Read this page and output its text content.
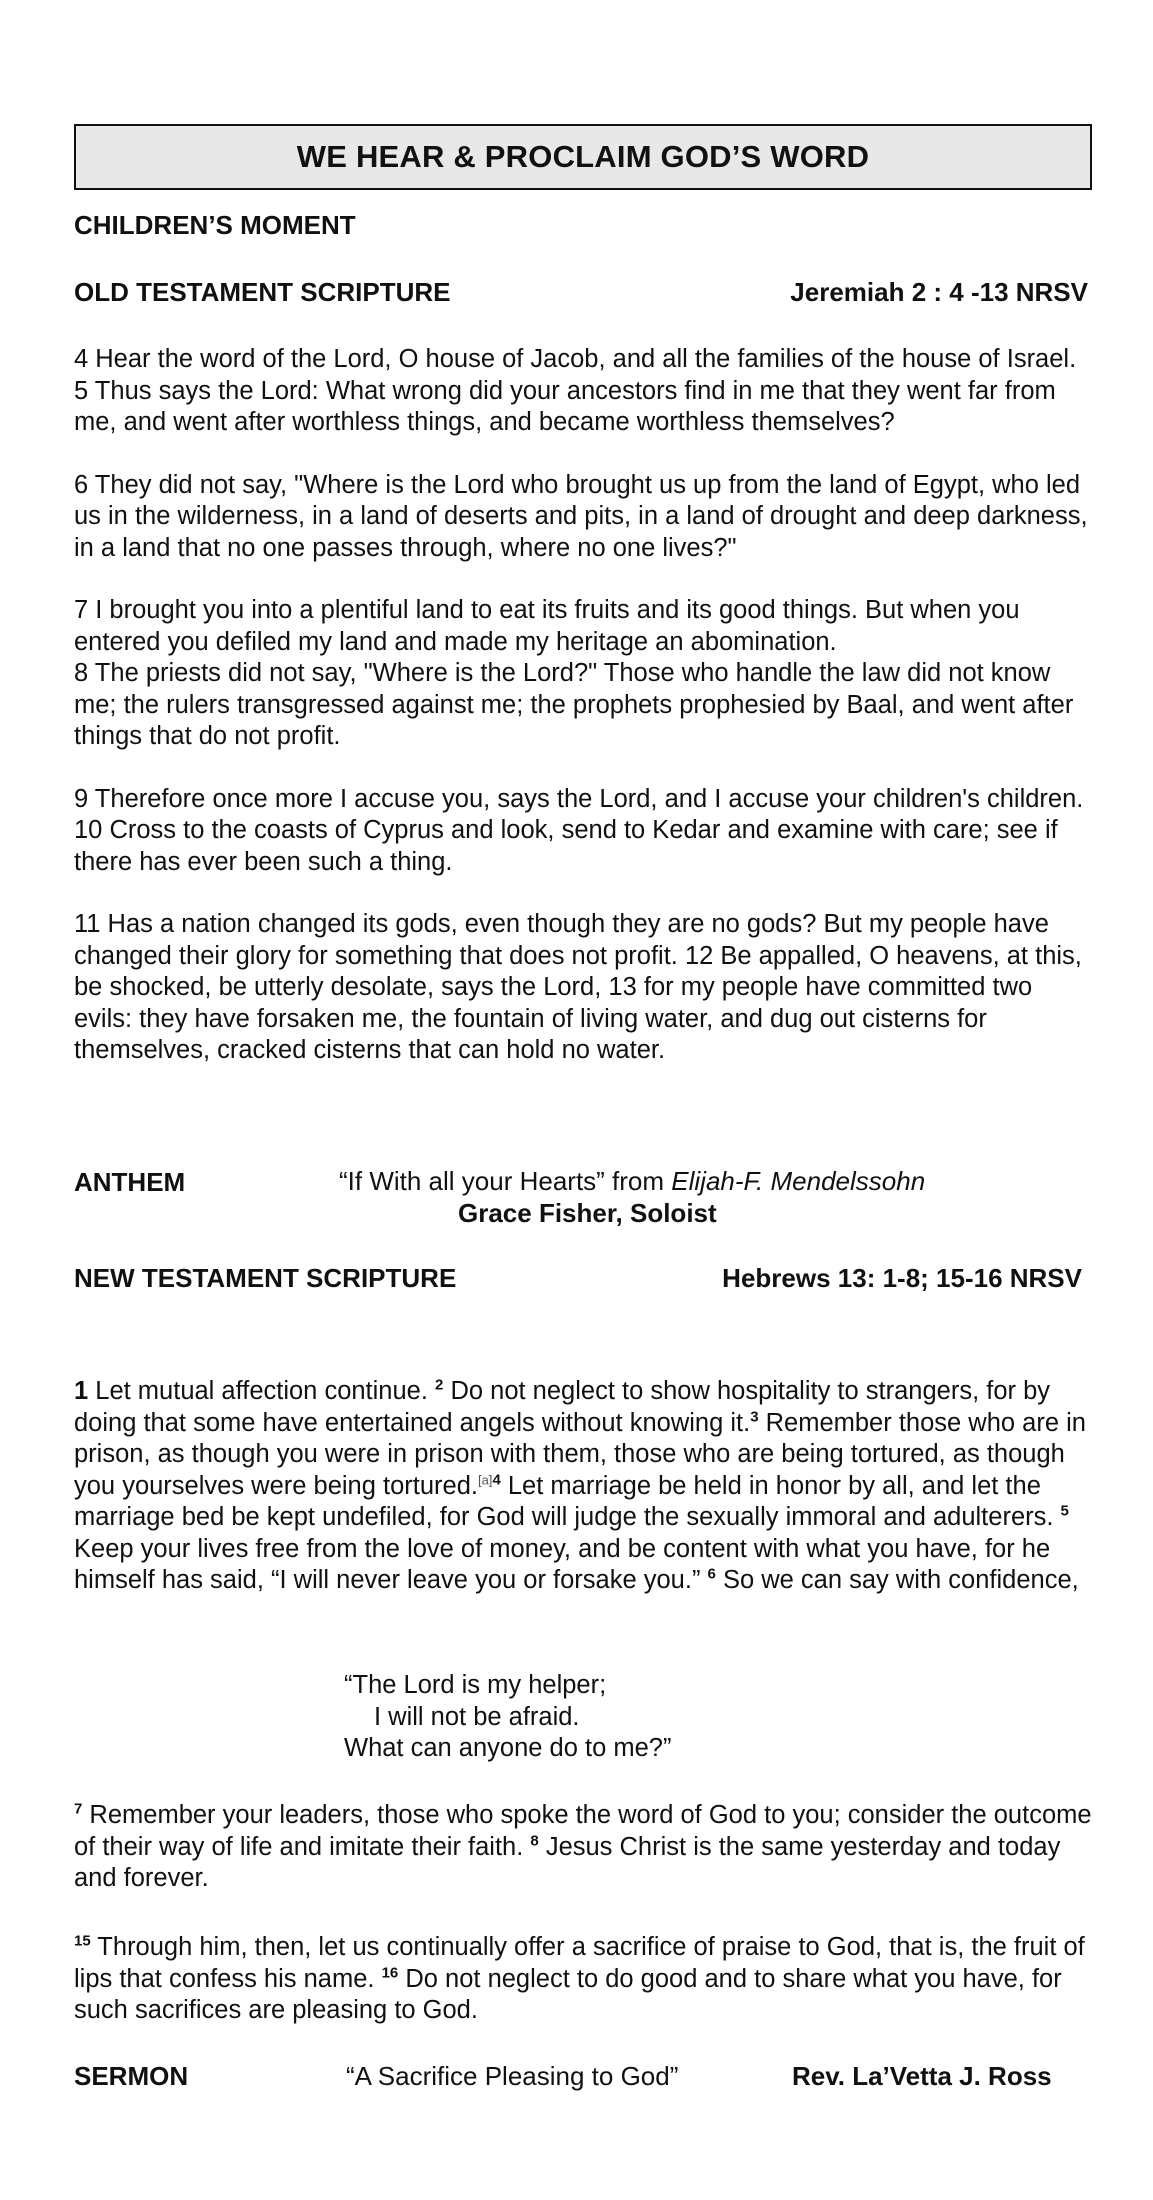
WE HEAR & PROCLAIM GOD’S WORD
CHILDREN’S MOMENT
OLD TESTAMENT SCRIPTURE	Jeremiah 2 : 4 -13 NRSV

4 Hear the word of the Lord, O house of Jacob, and all the families of the house of Israel. 5 Thus says the Lord: What wrong did your ancestors find in me that they went far from me, and went after worthless things, and became worthless themselves?

6 They did not say, "Where is the Lord who brought us up from the land of Egypt, who led us in the wilderness, in a land of deserts and pits, in a land of drought and deep darkness, in a land that no one passes through, where no one lives?"

7 I brought you into a plentiful land to eat its fruits and its good things. But when you entered you defiled my land and made my heritage an abomination.

8 The priests did not say, "Where is the Lord?" Those who handle the law did not know me; the rulers transgressed against me; the prophets prophesied by Baal, and went after things that do not profit.

9 Therefore once more I accuse you, says the Lord, and I accuse your children's children. 10 Cross to the coasts of Cyprus and look, send to Kedar and examine with care; see if there has ever been such a thing.

11 Has a nation changed its gods, even though they are no gods? But my people have changed their glory for something that does not profit. 12 Be appalled, O heavens, at this, be shocked, be utterly desolate, says the Lord, 13 for my people have committed two evils: they have forsaken me, the fountain of living water, and dug out cisterns for themselves, cracked cisterns that can hold no water.

ANTHEM	“If With all your Hearts” from Elijah-F. Mendelssohn
Grace Fisher, Soloist
NEW TESTAMENT SCRIPTURE	Hebrews 13: 1-8; 15-16 NRSV

1 Let mutual affection continue. $^2$ Do not neglect to show hospitality to strangers, for by doing that some have entertained angels without knowing it.$^3$ Remember those who are in prison, as though you were in prison with them, those who are being tortured, as though you yourselves were being tortured.$^{[a]4}$ Let marriage be held in honor by all, and let the marriage bed be kept undefiled, for God will judge the sexually immoral and adulterers. $^5$ Keep your lives free from the love of money, and be content with what you have, for he himself has said, “I will never leave you or forsake you.” $^6$ So we can say with confidence,

“The Lord is my helper;
I will not be afraid.
What can anyone do to me?”

$^7$ Remember your leaders, those who spoke the word of God to you; consider the outcome of their way of life and imitate their faith. $^8$ Jesus Christ is the same yesterday and today and forever.

$^{15}$ Through him, then, let us continually offer a sacrifice of praise to God, that is, the fruit of lips that confess his name. $^{16}$ Do not neglect to do good and to share what you have, for such sacrifices are pleasing to God.

SERMON	“A Sacrifice Pleasing to God”	Rev. La’Vetta J. Ross
